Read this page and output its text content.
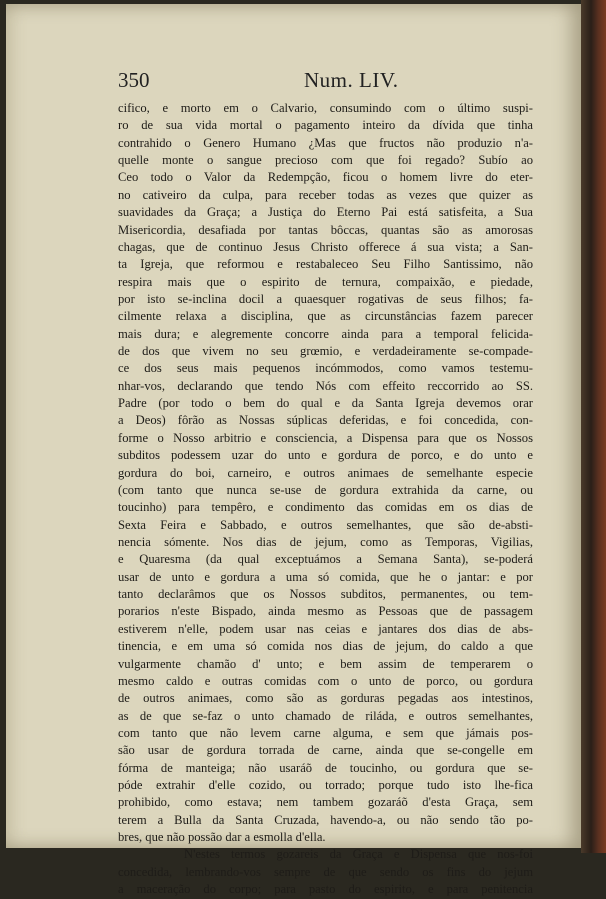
350	Num. LIV.
cifico, e morto em o Calvario, consumindo com o último suspi-
ro de sua vida mortal o pagamento inteiro da dívida que tinha
contrahido o Genero Humano ¿Mas que fructos não produzio n'a-
quelle monte o sangue precioso com que foi regado? Subío ao
Ceo todo o Valor da Redempção, ficou o homem livre do eter-
no cativeiro da culpa, para receber todas as vezes que quizer as
suavidades da Graça; a Justiça do Eterno Pai está satisfeita, a Sua
Misericordia, desafiada por tantas bôccas, quantas são as amorosas
chagas, que de continuo Jesus Christo offerece á sua vista; a San-
ta Igreja, que reformou e restabaleceo Seu Filho Santissimo, não
respira mais que o espirito de ternura, compaixão, e piedade,
por isto se-inclina docil a quaesquer rogativas de seus filhos; fa-
cilmente relaxa a disciplina, que as circunstâncias fazem parecer
mais dura; e alegremente concorre ainda para a temporal felicida-
de dos que vivem no seu grœmio, e verdadeiramente se-compade-
ce dos seus mais pequenos incómmodos, como vamos testemu-
nhar-vos, declarando que tendo Nós com effeito reccorrido ao SS.
Padre (por todo o bem do qual e da Santa Igreja devemos orar
a Deos) fôrão as Nossas súplicas deferidas, e foi concedida, con-
forme o Nosso arbitrio e consciencia, a Dispensa para que os Nossos
subditos podessem uzar do unto e gordura de porco, e do unto e
gordura do boi, carneiro, e outros animaes de semelhante especie
(com tanto que nunca se-use de gordura extrahida da carne, ou
toucinho) para tempêro, e condimento das comidas em os dias de
Sexta Feira e Sabbado, e outros semelhantes, que são de-absti-
nencia sómente. Nos dias de jejum, como as Temporas, Vigilias,
e Quaresma (da qual exceptuámos a Semana Santa), se-poderá
usar de unto e gordura a uma só comida, que he o jantar: e por
tanto declarâmos que os Nossos subditos, permanentes, ou tem-
porarios n'este Bispado, ainda mesmo as Pessoas que de passagem
estiverem n'elle, podem usar nas ceias e jantares dos dias de abs-
tinencia, e em uma só comida nos dias de jejum, do caldo a que
vulgarmente chamão d' unto; e bem assim de temperarem o
mesmo caldo e outras comidas com o unto de porco, ou gordura
de outros animaes, como são as gorduras pegadas aos intestinos,
as de que se-faz o unto chamado de riláda, e outros semelhantes,
com tanto que não levem carne alguma, e sem que jámais pos-
são usar de gordura torrada de carne, ainda que se-congelle em
fórma de manteiga; não usaráõ de toucinho, ou gordura que se-
póde extrahir d'elle cozido, ou torrado; porque tudo isto lhe-fica
prohibido, como estava; nem tambem gozaráõ d'esta Graça, sem
terem a Bulla da Santa Cruzada, havendo-a, ou não sendo tão po-
bres, que não possão dar a esmolla d'ella.
N'estes termos gozareis da Graça e Dispensa que nos-foi
concedida, lembrando-vos sempre de que sendo os fins do jejum
a maceração do corpo; para pasto do espirito, e para penitencia
